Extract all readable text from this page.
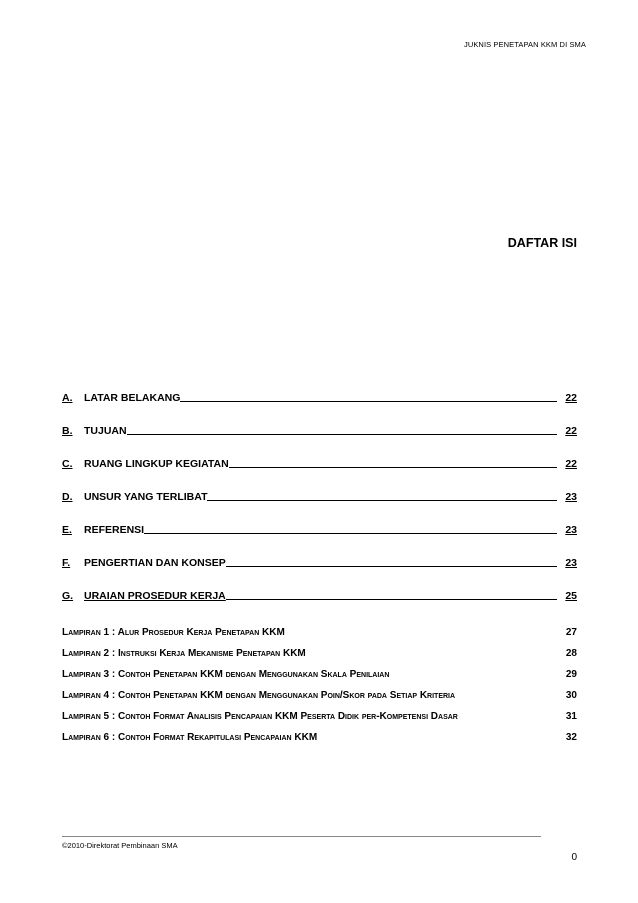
JUKNIS PENETAPAN KKM DI SMA
DAFTAR ISI
A.	LATAR BELAKANG	22
B.	TUJUAN	22
C.	RUANG LINGKUP KEGIATAN	22
D.	UNSUR YANG TERLIBAT	23
E.	REFERENSI	23
F.	PENGERTIAN DAN KONSEP	23
G.	URAIAN PROSEDUR KERJA	25
Lampiran 1 : Alur Prosedur Kerja Penetapan KKM	27
Lampiran 2 : Instruksi Kerja Mekanisme Penetapan KKM	28
Lampiran 3 : Contoh Penetapan KKM dengan Menggunakan Skala Penilaian	29
Lampiran 4 : Contoh Penetapan KKM dengan Menggunakan Poin/Skor pada Setiap Kriteria	30
Lampiran 5 : Contoh Format Analisis Pencapaian KKM Peserta Didik per-Kompetensi Dasar	31
Lampiran 6 : Contoh Format Rekapitulasi Pencapaian KKM	32
©2010-Direktorat Pembinaan SMA
0
